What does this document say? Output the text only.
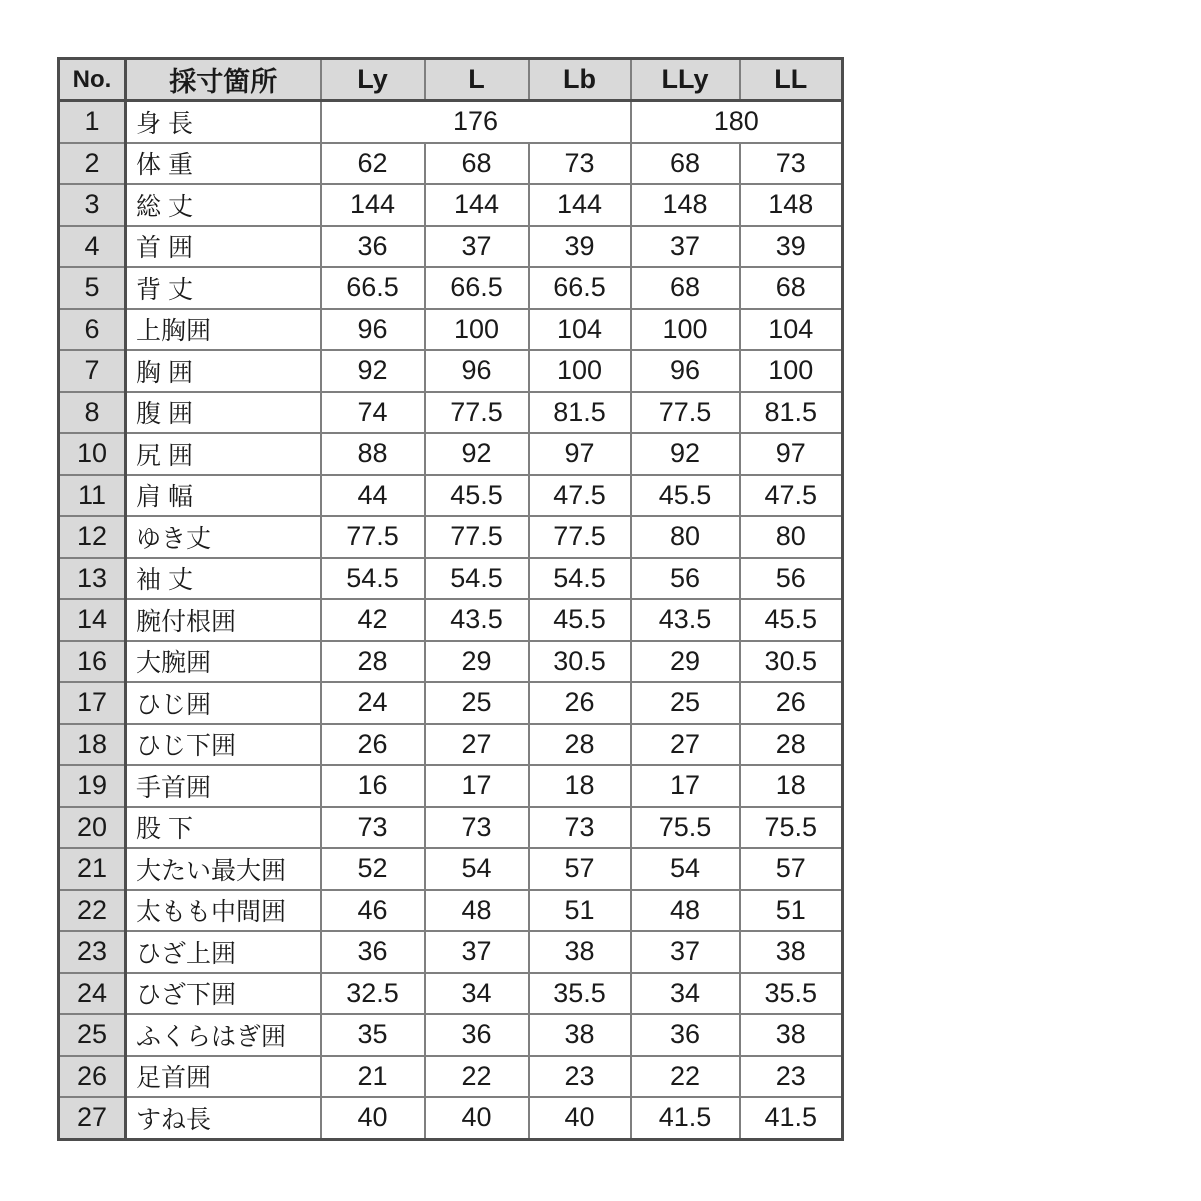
No.	採寸箇所	Ly	L	Lb	LLy	LL
1	身 長	176			180	
2	体 重	62	68	73	68	73
3	総 丈	144	144	144	148	148
4	首 囲	36	37	39	37	39
5	背 丈	66.5	66.5	66.5	68	68
6	上胸囲	96	100	104	100	104
7	胸 囲	92	96	100	96	100
8	腹 囲	74	77.5	81.5	77.5	81.5
10	尻 囲	88	92	97	92	97
11	肩 幅	44	45.5	47.5	45.5	47.5
12	ゆき丈	77.5	77.5	77.5	80	80
13	袖 丈	54.5	54.5	54.5	56	56
14	腕付根囲	42	43.5	45.5	43.5	45.5
16	大腕囲	28	29	30.5	29	30.5
17	ひじ囲	24	25	26	25	26
18	ひじ下囲	26	27	28	27	28
19	手首囲	16	17	18	17	18
20	股 下	73	73	73	75.5	75.5
21	大たい最大囲	52	54	57	54	57
22	太もも中間囲	46	48	51	48	51
23	ひざ上囲	36	37	38	37	38
24	ひざ下囲	32.5	34	35.5	34	35.5
25	ふくらはぎ囲	35	36	38	36	38
26	足首囲	21	22	23	22	23
27	すね長	40	40	40	41.5	41.5
